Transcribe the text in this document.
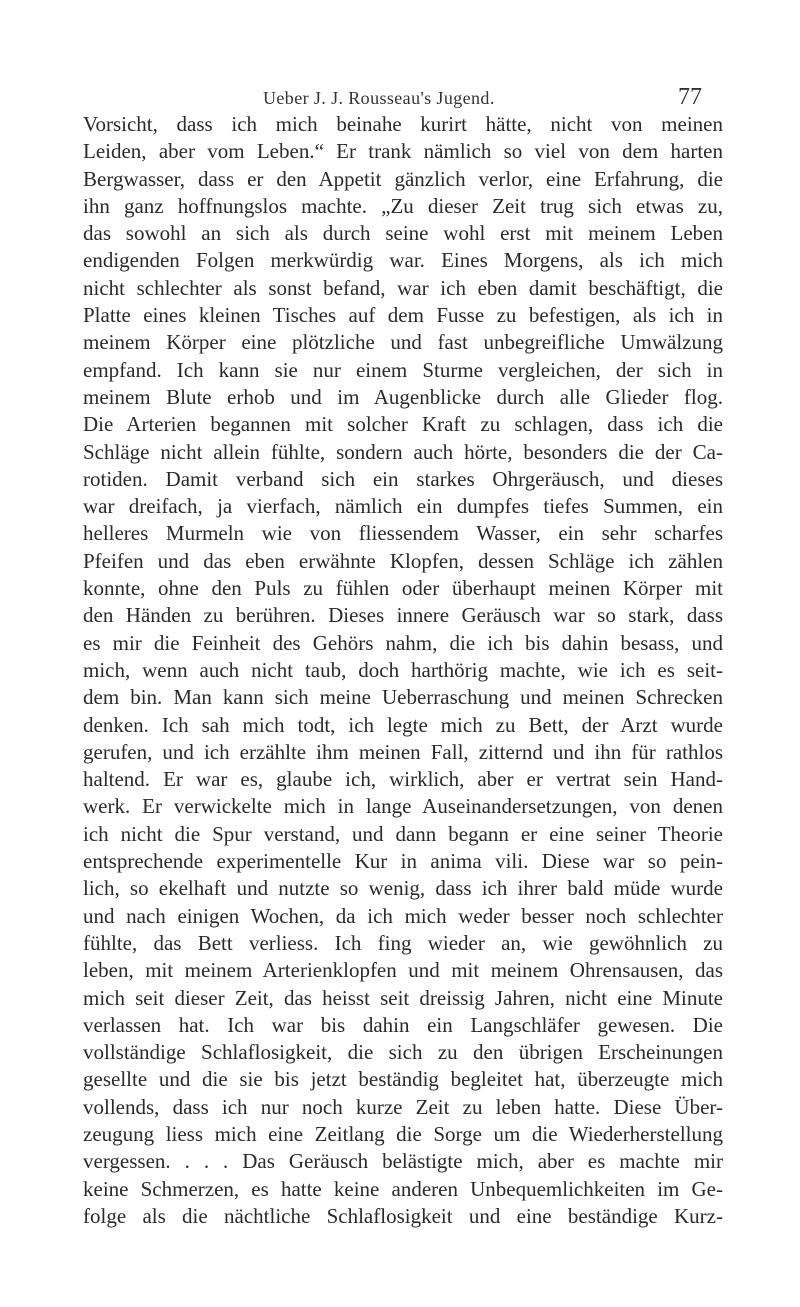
Ueber J. J. Rousseau's Jugend.	77
Vorsicht, dass ich mich beinahe kurirt hätte, nicht von meinen
Leiden, aber vom Leben.“ Er trank nämlich so viel von dem harten
Bergwasser, dass er den Appetit gänzlich verlor, eine Erfahrung, die
ihn ganz hoffnungslos machte. „Zu dieser Zeit trug sich etwas zu,
das sowohl an sich als durch seine wohl erst mit meinem Leben
endigenden Folgen merkwürdig war. Eines Morgens, als ich mich
nicht schlechter als sonst befand, war ich eben damit beschäftigt, die
Platte eines kleinen Tisches auf dem Fusse zu befestigen, als ich in
meinem Körper eine plötzliche und fast unbegreifliche Umwälzung
empfand. Ich kann sie nur einem Sturme vergleichen, der sich in
meinem Blute erhob und im Augenblicke durch alle Glieder flog.
Die Arterien begannen mit solcher Kraft zu schlagen, dass ich die
Schläge nicht allein fühlte, sondern auch hörte, besonders die der Ca-
rotiden. Damit verband sich ein starkes Ohrgeräusch, und dieses
war dreifach, ja vierfach, nämlich ein dumpfes tiefes Summen, ein
helleres Murmeln wie von fliessendem Wasser, ein sehr scharfes
Pfeifen und das eben erwähnte Klopfen, dessen Schläge ich zählen
konnte, ohne den Puls zu fühlen oder überhaupt meinen Körper mit
den Händen zu berühren. Dieses innere Geräusch war so stark, dass
es mir die Feinheit des Gehörs nahm, die ich bis dahin besass, und
mich, wenn auch nicht taub, doch harthörig machte, wie ich es seit-
dem bin. Man kann sich meine Ueberraschung und meinen Schrecken
denken. Ich sah mich todt, ich legte mich zu Bett, der Arzt wurde
gerufen, und ich erzählte ihm meinen Fall, zitternd und ihn für rathlos
haltend. Er war es, glaube ich, wirklich, aber er vertrat sein Hand-
werk. Er verwickelte mich in lange Auseinandersetzungen, von denen
ich nicht die Spur verstand, und dann begann er eine seiner Theorie
entsprechende experimentelle Kur in anima vili. Diese war so pein-
lich, so ekelhaft und nutzte so wenig, dass ich ihrer bald müde wurde
und nach einigen Wochen, da ich mich weder besser noch schlechter
fühlte, das Bett verliess. Ich fing wieder an, wie gewöhnlich zu
leben, mit meinem Arterienklopfen und mit meinem Ohrensausen, das
mich seit dieser Zeit, das heisst seit dreissig Jahren, nicht eine Minute
verlassen hat. Ich war bis dahin ein Langschläfer gewesen. Die
vollständige Schlaflosigkeit, die sich zu den übrigen Erscheinungen
gesellte und die sie bis jetzt beständig begleitet hat, überzeugte mich
vollends, dass ich nur noch kurze Zeit zu leben hatte. Diese Über-
zeugung liess mich eine Zeitlang die Sorge um die Wiederherstellung
vergessen. . . . Das Geräusch belästigte mich, aber es machte mir
keine Schmerzen, es hatte keine anderen Unbequemlichkeiten im Ge-
folge als die nächtliche Schlaflosigkeit und eine beständige Kurz-
